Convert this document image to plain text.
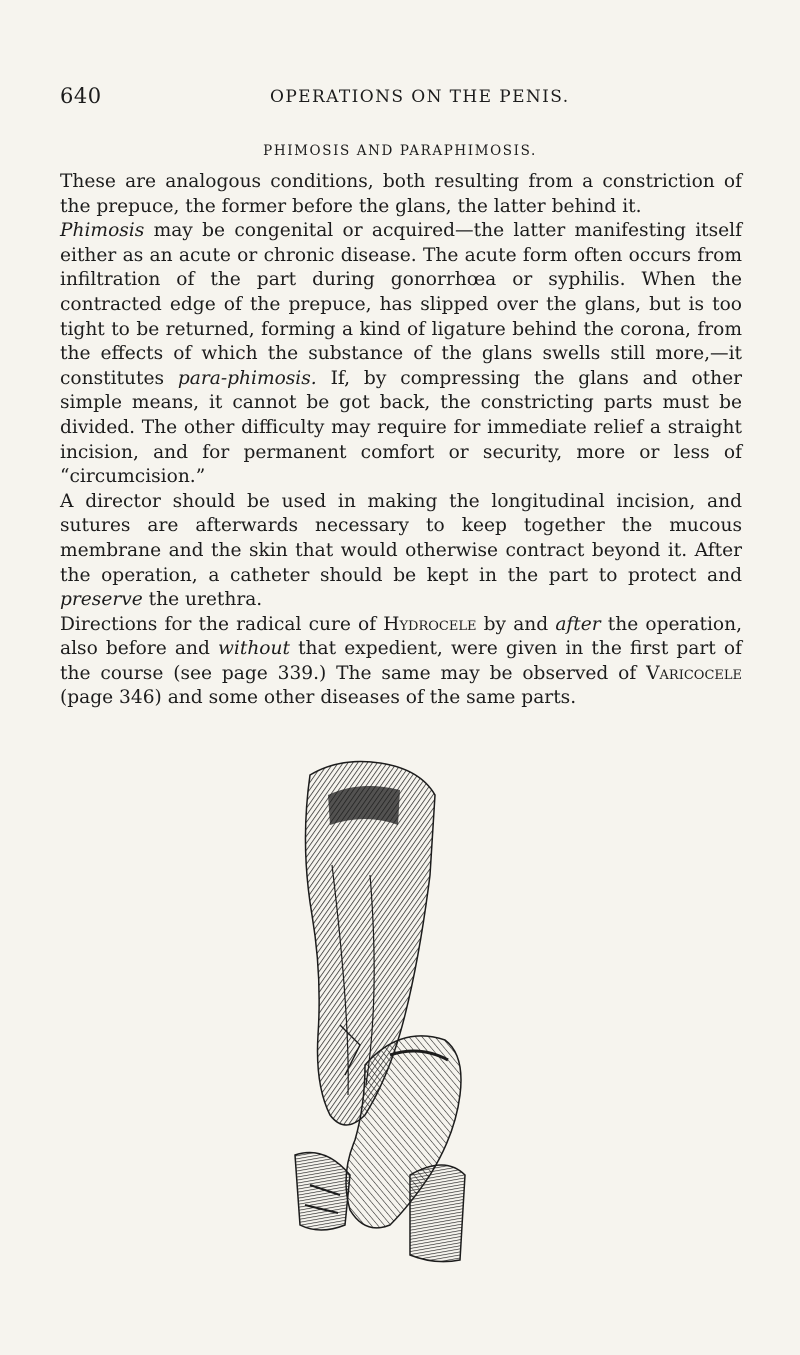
640	OPERATIONS ON THE PENIS.
PHIMOSIS AND PARAPHIMOSIS.

These are analogous conditions, both resulting from a constriction of the prepuce, the former before the glans, the latter behind it.

Phimosis may be congenital or acquired—the latter manifesting itself either as an acute or chronic disease. The acute form often occurs from infiltration of the part during gonorrhœa or syphilis. When the contracted edge of the prepuce, has slipped over the glans, but is too tight to be returned, forming a kind of ligature behind the corona, from the effects of which the substance of the glans swells still more,—it constitutes para-phimosis. If, by compressing the glans and other simple means, it cannot be got back, the constricting parts must be divided. The other difficulty may require for immediate relief a straight incision, and for permanent comfort or security, more or less of “circumcision.”

A director should be used in making the longitudinal incision, and sutures are afterwards necessary to keep together the mucous membrane and the skin that would otherwise contract beyond it. After the operation, a catheter should be kept in the part to protect and preserve the urethra.

Directions for the radical cure of Hydrocele by and after the operation, also before and without that expedient, were given in the first part of the course (see page 339.) The same may be observed of Varicocele (page 346) and some other diseases of the same parts.
